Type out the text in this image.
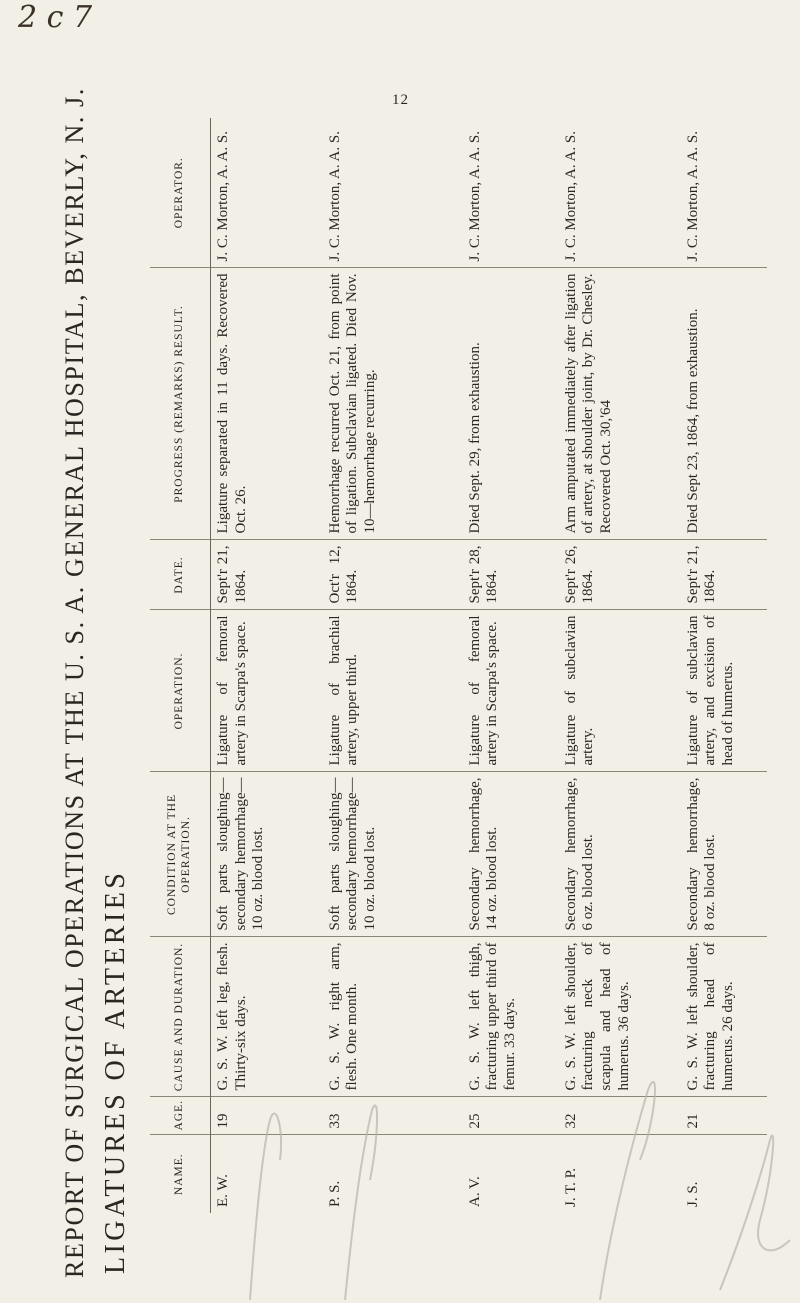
2 c 7
12
REPORT OF SURGICAL OPERATIONS AT THE U. S. A. GENERAL HOSPITAL, BEVERLY, N. J. LIGATURES OF ARTERIES	NAME.	AGE.	CAUSE AND DURATION.	CONDITION AT THE OPERATION.	OPERATION.	DATE.	PROGRESS (REMARKS) RESULT.	OPERATOR.
E. W.	19	G. S. W. left leg, flesh. Thirty-six days.	Soft parts sloughing—secondary hemorrhage—10 oz. blood lost.	Ligature of femoral artery in Scarpa's space.	Sept'r 21, 1864.	Ligature separated in 11 days. Recovered Oct. 26.	J. C. Morton, A. A. S.
P. S.	33	G. S. W. right arm, flesh. One month.	Soft parts sloughing—secondary hemorrhage—10 oz. blood lost.	Ligature of brachial artery, upper third.	Oct'r 12, 1864.	Hemorrhage recurred Oct. 21, from point of ligation. Subclavian ligated. Died Nov. 10—hemorrhage recurring.	J. C. Morton, A. A. S.
A. V.	25	G. S. W. left thigh, fracturing upper third of femur. 33 days.	Secondary hemorrhage, 14 oz. blood lost.	Ligature of femoral artery in Scarpa's space.	Sept'r 28, 1864.	Died Sept. 29, from exhaustion.	J. C. Morton, A. A. S.
J. T. P.	32	G. S. W. left shoulder, fracturing neck of scapula and head of humerus. 36 days.	Secondary hemorrhage, 6 oz. blood lost.	Ligature of subclavian artery.	Sept'r 26, 1864.	Arm amputated immediately after ligation of artery, at shoulder joint, by Dr. Chesley. Recovered Oct. 30,'64	J. C. Morton, A. A. S.
J. S.	21	G. S. W. left shoulder, fracturing head of humerus. 26 days.	Secondary hemorrhage, 8 oz. blood lost.	Ligature of subclavian artery, and excision of head of humerus.	Sept'r 21, 1864.	Died Sept 23, 1864, from exhaustion.	J. C. Morton, A. A. S.
